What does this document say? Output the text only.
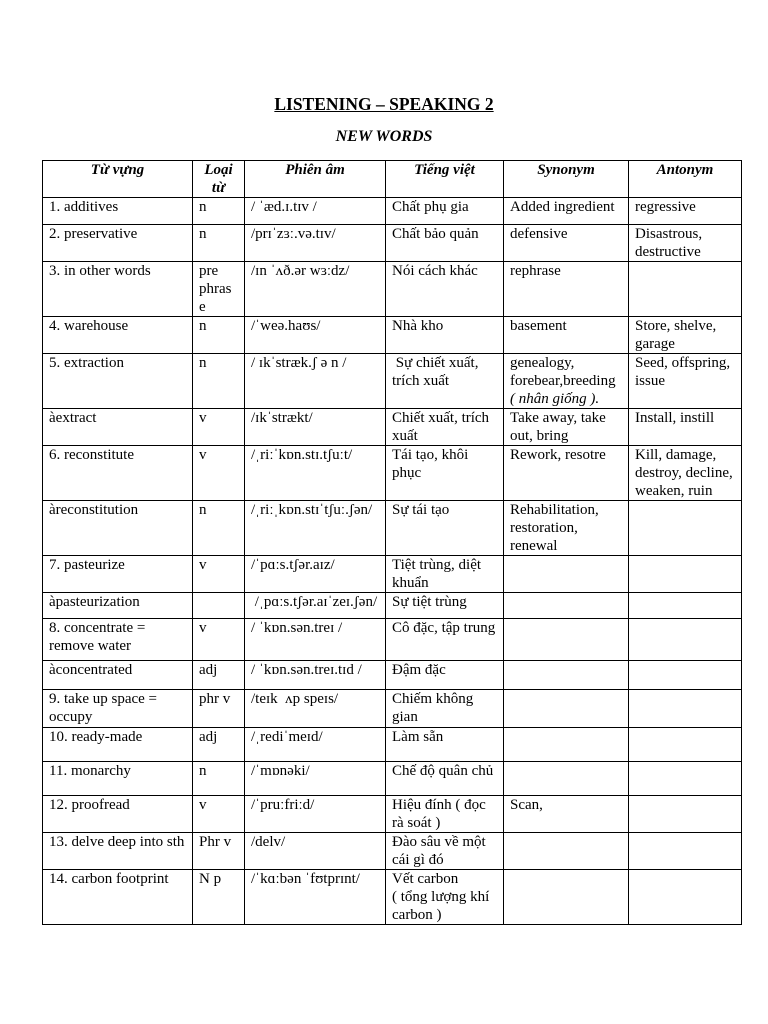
LISTENING – SPEAKING 2
NEW WORDS
Từ vựng	Loại từ	Phiên âm	Tiếng việt	Synonym	Antonym
1. additives	n	/ ˈæd.ɪ.tɪv /	Chất phụ gia	Added ingredient	regressive
2. preservative	n	/prɪˈzɜː.və.tɪv/	Chất bảo quản	defensive	Disastrous, destructive
3. in other words	pre phrase	/ɪn ˈʌð.ər wɜːdz/	Nói cách khác	rephrase	
4. warehouse	n	/ˈweə.haʊs/	Nhà kho	basement	Store, shelve, garage
5. extraction	n	/ ɪkˈstræk.ʃ ə n /	Sự chiết xuất, trích xuất	genealogy, forebear,breeding ( nhân giống ).	Seed, offspring, issue
àextract	v	/ɪkˈstrækt/	Chiết xuất, trích xuất	Take away, take out, bring	Install, instill
6. reconstitute	v	/ˌriːˈkɒn.stɪ.tʃuːt/	Tái tạo, khôi phục	Rework, resotre	Kill, damage, destroy, decline, weaken, ruin
àreconstitution	n	/ˌriːˌkɒn.stɪˈtʃuː.ʃən/	Sự tái tạo	Rehabilitation, restoration, renewal	
7. pasteurize	v	/ˈpɑːs.tʃər.aɪz/	Tiệt trùng, diệt khuẩn		
àpasteurization		/ˌpɑːs.tʃər.aɪˈzeɪ.ʃən/	Sự tiệt trùng		
8. concentrate = remove water	v	/ ˈkɒn.sən.treɪ /	Cô đặc, tập trung		
àconcentrated	adj	/ ˈkɒn.sən.treɪ.tɪd /	Đậm đặc		
9. take up space = occupy	phr v	/teɪk  ʌp speɪs/	Chiếm không gian		
10. ready-made	adj	/ˌrediˈmeɪd/	Làm sẵn		
11. monarchy	n	/ˈmɒnəki/	Chế độ quân chủ		
12. proofread	v	/ˈpruːfriːd/	Hiệu đính ( đọc rà soát )	Scan,	
13. delve deep into sth	Phr v	/delv/	Đào sâu về một cái gì đó		
14. carbon footprint	N p	/ˈkɑːbən ˈfʊtprɪnt/	Vết carbon
( tổng lượng khí carbon )		
